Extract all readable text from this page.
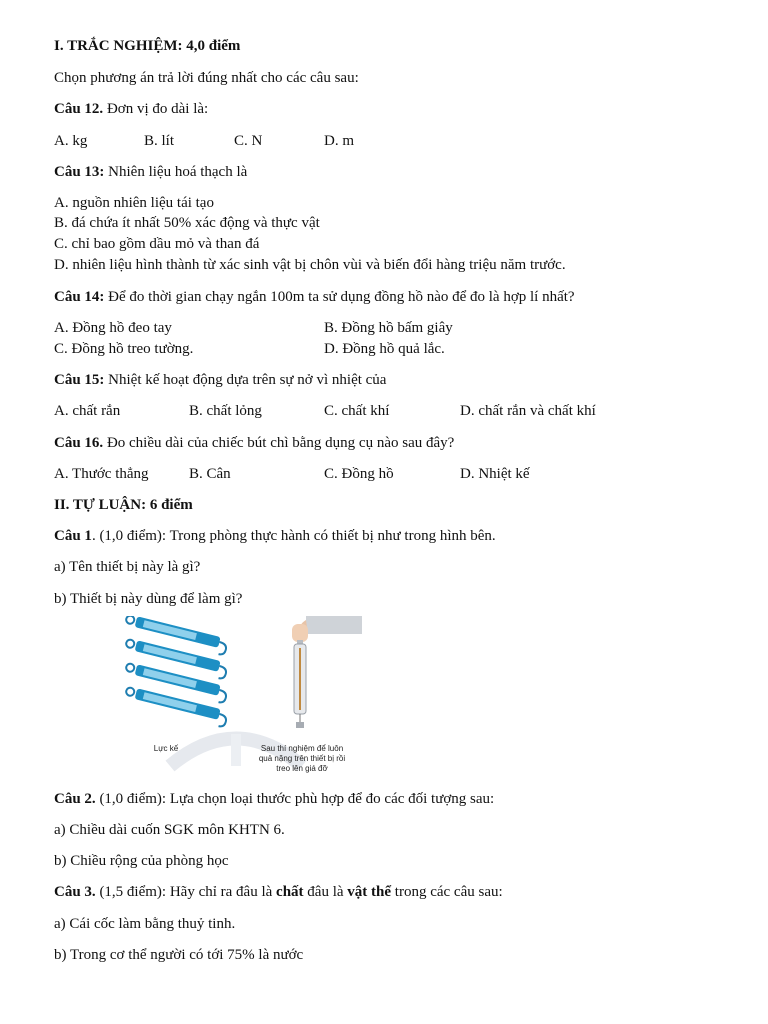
I. TRẮC NGHIỆM: 4,0 điểm
Chọn phương án trả lời đúng nhất cho các câu sau:
Câu 12. Đơn vị đo dài là:
A. kg	B. lít	C. N	D. m
Câu 13: Nhiên liệu hoá thạch là
A. nguồn nhiên liệu tái tạo
B. đá chứa ít nhất 50% xác động và thực vật
C. chỉ bao gồm dầu mỏ và than đá
D. nhiên liệu hình thành từ xác sinh vật bị chôn vùi và biến đổi hàng triệu năm trước.
Câu 14: Để đo thời gian chạy ngắn 100m ta sử dụng đồng hồ nào để đo là hợp lí nhất?
A. Đồng hồ đeo tay	B. Đồng hồ bấm giây
C. Đồng hồ treo tường.	D. Đồng hồ quả lắc.
Câu 15: Nhiệt kế hoạt động dựa trên sự nở vì nhiệt của
A. chất rắn	B. chất lỏng	C. chất khí	D. chất rắn và chất khí
Câu 16. Đo chiều dài của chiếc bút chì bằng dụng cụ nào sau đây?
A. Thước thẳng	B. Cân	C. Đồng hồ	D. Nhiệt kế
II. TỰ LUẬN: 6 điểm
Câu 1. (1,0 điểm): Trong phòng thực hành có thiết bị như trong hình bên.
a) Tên thiết bị này là gì?
b) Thiết bị này dùng để làm gì?
Lực kế	Sau thí nghiệm để luôn
quả nặng trên thiết bị rồi
treo lên giá đỡ
Câu 2. (1,0 điểm): Lựa chọn loại thước phù hợp để đo các đối tượng sau:
a) Chiều dài cuốn SGK môn KHTN 6.
b) Chiều rộng của phòng học
Câu 3. (1,5 điểm): Hãy chỉ ra đâu là chất đâu là vật thể trong các câu sau:
a) Cái cốc làm bằng thuỷ tinh.
b) Trong cơ thể người có tới 75% là nước
